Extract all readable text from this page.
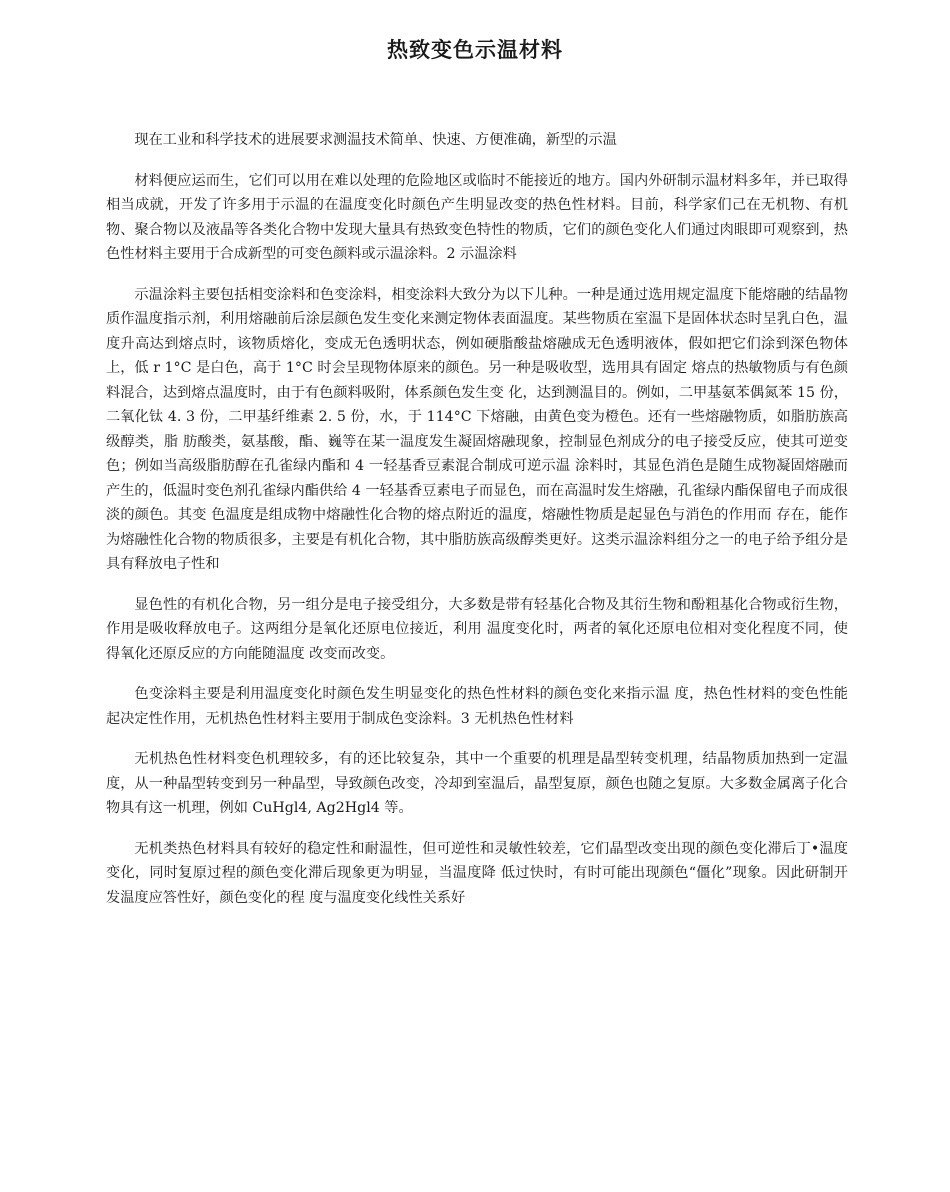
热致变色示温材料

现在工业和科学技术的进展要求测温技术简单、快速、方便准确，新型的示温

材料便应运而生，它们可以用在难以处理的危险地区或临时不能接近的地方。国内外研制示温材料多年，并已取得相当成就，开发了许多用于示温的在温度变化时颜色产生明显改变的热色性材料。目前，科学家们己在无机物、有机物、聚合物以及液晶等各类化合物中发现大量具有热致变色特性的物质，它们的颜色变化人们通过肉眼即可观察到，热色性材料主要用于合成新型的可变色颜料或示温涂料。2 示温涂料

示温涂料主要包括相变涂料和色变涂料，相变涂料大致分为以下儿种。一种是通过选用规定温度下能熔融的结晶物质作温度指示剂，利用熔融前后涂层颜色发生变化来测定物体表面温度。某些物质在室温下是固体状态时呈乳白色，温度升高达到熔点时，该物质熔化，变成无色透明状态，例如硬脂酸盐熔融成无色透明液体，假如把它们涂到深色物体上，低 r 1°C 是白色，高于 1°C 时会呈现物体原来的颜色。另一种是吸收型，选用具有固定 熔点的热敏物质与有色颜料混合，达到熔点温度时，由于有色颜料吸附，体系颜色发生变 化，达到测温目的。例如，二甲基氨苯偶氮苯 15 份，二氧化钛 4. 3 份，二甲基纤维素 2. 5 份，水，于 114°C 下熔融，由黄色变为橙色。还有一些熔融物质，如脂肪族高级醇类，脂 肪酸类，氨基酸，酯、巍等在某一温度发生凝固熔融现象，控制显色剂成分的电子接受反应，使其可逆变色；例如当高级脂肪醇在孔雀绿内酯和 4 一轻基香豆素混合制成可逆示温 涂料时，其显色消色是随生成物凝固熔融而产生的，低温时变色剂孔雀绿内酯供给 4 一轻基香豆素电子而显色，而在高温时发生熔融，孔雀绿内酯保留电子而成很淡的颜色。其变 色温度是组成物中熔融性化合物的熔点附近的温度，熔融性物质是起显色与消色的作用而 存在，能作为熔融性化合物的物质很多，主要是有机化合物，其中脂肪族高级醇类更好。这类示温涂料组分之一的电子给予组分是具有释放电子性和

显色性的有机化合物，另一组分是电子接受组分，大多数是带有轻基化合物及其衍生物和酚粗基化合物或衍生物，作用是吸收释放电子。这两组分是氧化还原电位接近，利用 温度变化时，两者的氧化还原电位相对变化程度不同，使得氧化还原反应的方向能随温度 改变而改变。

色变涂料主要是利用温度变化时颜色发生明显变化的热色性材料的颜色变化来指示温 度，热色性材料的变色性能起决定性作用，无机热色性材料主要用于制成色变涂料。3 无机热色性材料

无机热色性材料变色机理较多，有的还比较复杂，其中一个重要的机理是晶型转变机理，结晶物质加热到一定温度，从一种晶型转变到另一种晶型，导致颜色改变，冷却到室温后，晶型复原，颜色也随之复原。大多数金属离子化合物具有这一机理，例如 CuHgl4, Ag2Hgl4 等。

无机类热色材料具有较好的稳定性和耐温性，但可逆性和灵敏性较差，它们晶型改变出现的颜色变化滞后丁•温度变化，同时复原过程的颜色变化滞后现象更为明显，当温度降 低过快时，有时可能出现颜色“僵化”现象。因此研制开发温度应答性好，颜色变化的程 度与温度变化线性关系好
